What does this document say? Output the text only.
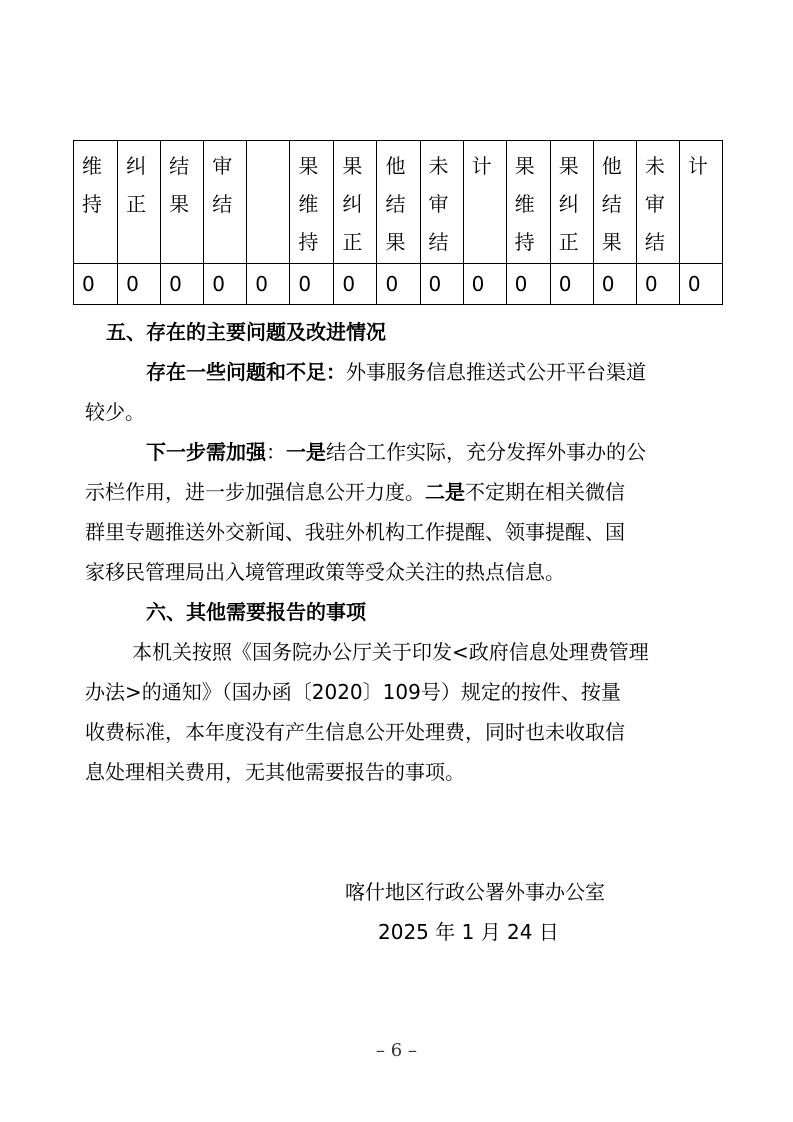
维持	纠正	结果	审结		果维持	果纠正	他结果	未审结	计	果维持	果纠正	他结果	未审结	计

0	0	0	0	0	0	0	0	0	0	0	0	0	0	0

五、存在的主要问题及改进情况

存在一些问题和不足：外事服务信息推送式公开平台渠道

较少。

下一步需加强：一是结合工作实际，充分发挥外事办的公

示栏作用，进一步加强信息公开力度。二是不定期在相关微信

群里专题推送外交新闻、我驻外机构工作提醒、领事提醒、国

家移民管理局出入境管理政策等受众关注的热点信息。

六、其他需要报告的事项

本机关按照《国务院办公厅关于印发<政府信息处理费管理

办法>的通知》（国办函〔2020〕109号）规定的按件、按量

收费标准，本年度没有产生信息公开处理费，同时也未收取信

息处理相关费用，无其他需要报告的事项。

喀什地区行政公署外事办公室
2025 年 1 月 24 日
– 6 –
